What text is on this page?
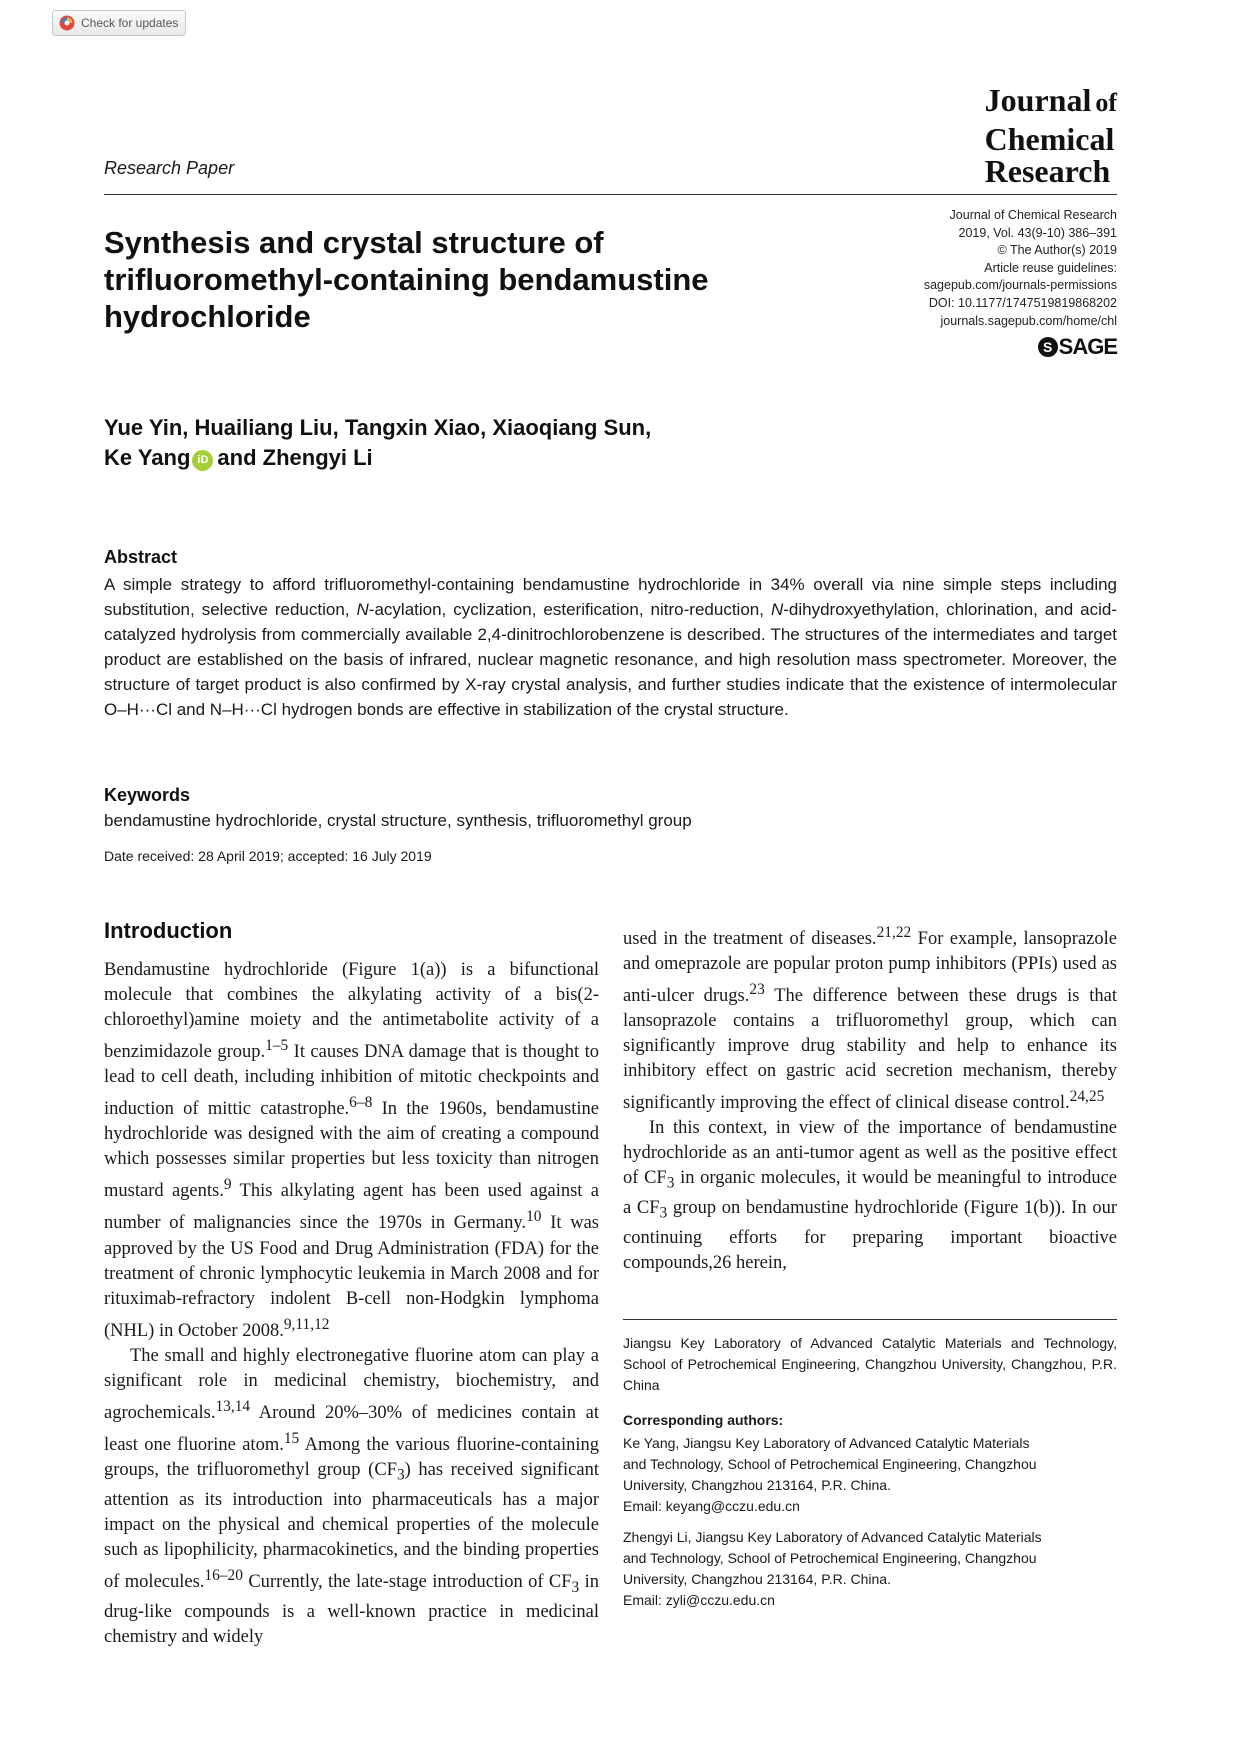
Check for updates
Journal of
Chemical
Research
Research Paper
Synthesis and crystal structure of trifluoromethyl-containing bendamustine hydrochloride
Journal of Chemical Research
2019, Vol. 43(9-10) 386–391
© The Author(s) 2019
Article reuse guidelines:
sagepub.com/journals-permissions
DOI: 10.1177/1747519819868202
journals.sagepub.com/home/chl
S SAGE
Yue Yin, Huailiang Liu, Tangxin Xiao, Xiaoqiang Sun,
Ke Yang iD and Zhengyi Li
Abstract
A simple strategy to afford trifluoromethyl-containing bendamustine hydrochloride in 34% overall via nine simple steps including substitution, selective reduction, N-acylation, cyclization, esterification, nitro-reduction, N-dihydroxyethylation, chlorination, and acid-catalyzed hydrolysis from commercially available 2,4-dinitrochlorobenzene is described. The structures of the intermediates and target product are established on the basis of infrared, nuclear magnetic resonance, and high resolution mass spectrometer. Moreover, the structure of target product is also confirmed by X-ray crystal analysis, and further studies indicate that the existence of intermolecular O–H···Cl and N–H···Cl hydrogen bonds are effective in stabilization of the crystal structure.
Keywords
bendamustine hydrochloride, crystal structure, synthesis, trifluoromethyl group
Date received: 28 April 2019; accepted: 16 July 2019
Introduction

Bendamustine hydrochloride (Figure 1(a)) is a bifunctional molecule that combines the alkylating activity of a bis(2-chloroethyl)amine moiety and the antimetabolite activity of a benzimidazole group.$^{1-5}$ It causes DNA damage that is thought to lead to cell death, including inhibition of mitotic checkpoints and induction of mittic catastrophe.$^{6-8}$ In the 1960s, bendamustine hydrochloride was designed with the aim of creating a compound which possesses similar properties but less toxicity than nitrogen mustard agents.$^9$ This alkylating agent has been used against a number of malignancies since the 1970s in Germany.$^{10}$ It was approved by the US Food and Drug Administration (FDA) for the treatment of chronic lymphocytic leukemia in March 2008 and for rituximab-refractory indolent B-cell non-Hodgkin lymphoma (NHL) in October 2008.$^{9,11,12}$

The small and highly electronegative fluorine atom can play a significant role in medicinal chemistry, biochemistry, and agrochemicals.$^{13,14}$ Around 20%–30% of medicines contain at least one fluorine atom.$^{15}$ Among the various fluorine-containing groups, the trifluoromethyl group $(CF_3)$ has received significant attention as its introduction into pharmaceuticals has a major impact on the physical and chemical properties of the molecule such as lipophilicity, pharmacokinetics, and the binding properties of molecules.$^{16-20}$ Currently, the late-stage introduction of $CF_3$ in drug-like compounds is a well-known practice in medicinal chemistry and widely

used in the treatment of diseases.$^{21,22}$ For example, lansoprazole and omeprazole are popular proton pump inhibitors (PPIs) used as anti-ulcer drugs.$^{23}$ The difference between these drugs is that lansoprazole contains a trifluoromethyl group, which can significantly improve drug stability and help to enhance its inhibitory effect on gastric acid secretion mechanism, thereby significantly improving the effect of clinical disease control.$^{24,25}$

In this context, in view of the importance of bendamustine hydrochloride as an anti-tumor agent as well as the positive effect of $CF_3$ in organic molecules, it would be meaningful to introduce a $CF_3$ group on bendamustine hydrochloride (Figure 1(b)). In our continuing efforts for preparing important bioactive compounds,26 herein,

Jiangsu Key Laboratory of Advanced Catalytic Materials and Technology, School of Petrochemical Engineering, Changzhou University, Changzhou, P.R. China
Corresponding authors:
Ke Yang, Jiangsu Key Laboratory of Advanced Catalytic Materials
and Technology, School of Petrochemical Engineering, Changzhou
University, Changzhou 213164, P.R. China.
Email: keyang@cczu.edu.cn
Zhengyi Li, Jiangsu Key Laboratory of Advanced Catalytic Materials
and Technology, School of Petrochemical Engineering, Changzhou
University, Changzhou 213164, P.R. China.
Email: zyli@cczu.edu.cn
